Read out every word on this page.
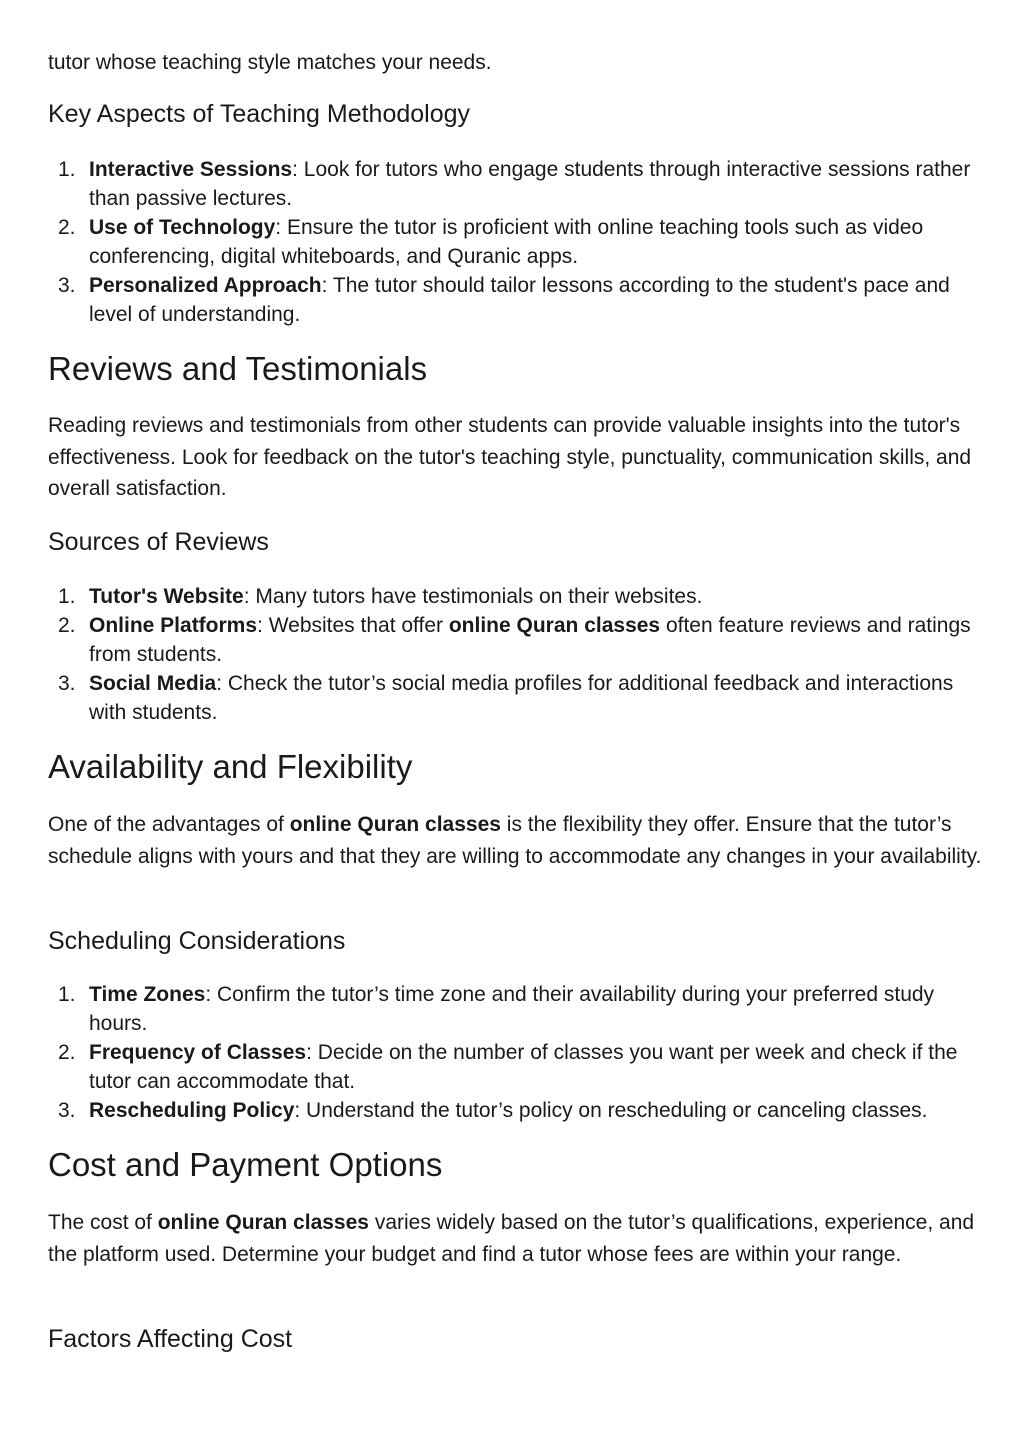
tutor whose teaching style matches your needs.

Key Aspects of Teaching Methodology
1. Interactive Sessions: Look for tutors who engage students through interactive sessions rather than passive lectures.
2. Use of Technology: Ensure the tutor is proficient with online teaching tools such as video conferencing, digital whiteboards, and Quranic apps.
3. Personalized Approach: The tutor should tailor lessons according to the student's pace and level of understanding.
Reviews and Testimonials

Reading reviews and testimonials from other students can provide valuable insights into the tutor's effectiveness. Look for feedback on the tutor's teaching style, punctuality, communication skills, and overall satisfaction.

Sources of Reviews
1. Tutor's Website: Many tutors have testimonials on their websites.
2. Online Platforms: Websites that offer online Quran classes often feature reviews and ratings from students.
3. Social Media: Check the tutor’s social media profiles for additional feedback and interactions with students.
Availability and Flexibility

One of the advantages of online Quran classes is the flexibility they offer. Ensure that the tutor’s schedule aligns with yours and that they are willing to accommodate any changes in your availability.

Scheduling Considerations
1. Time Zones: Confirm the tutor’s time zone and their availability during your preferred study hours.
2. Frequency of Classes: Decide on the number of classes you want per week and check if the tutor can accommodate that.
3. Rescheduling Policy: Understand the tutor’s policy on rescheduling or canceling classes.
Cost and Payment Options

The cost of online Quran classes varies widely based on the tutor’s qualifications, experience, and the platform used. Determine your budget and find a tutor whose fees are within your range.

Factors Affecting Cost
